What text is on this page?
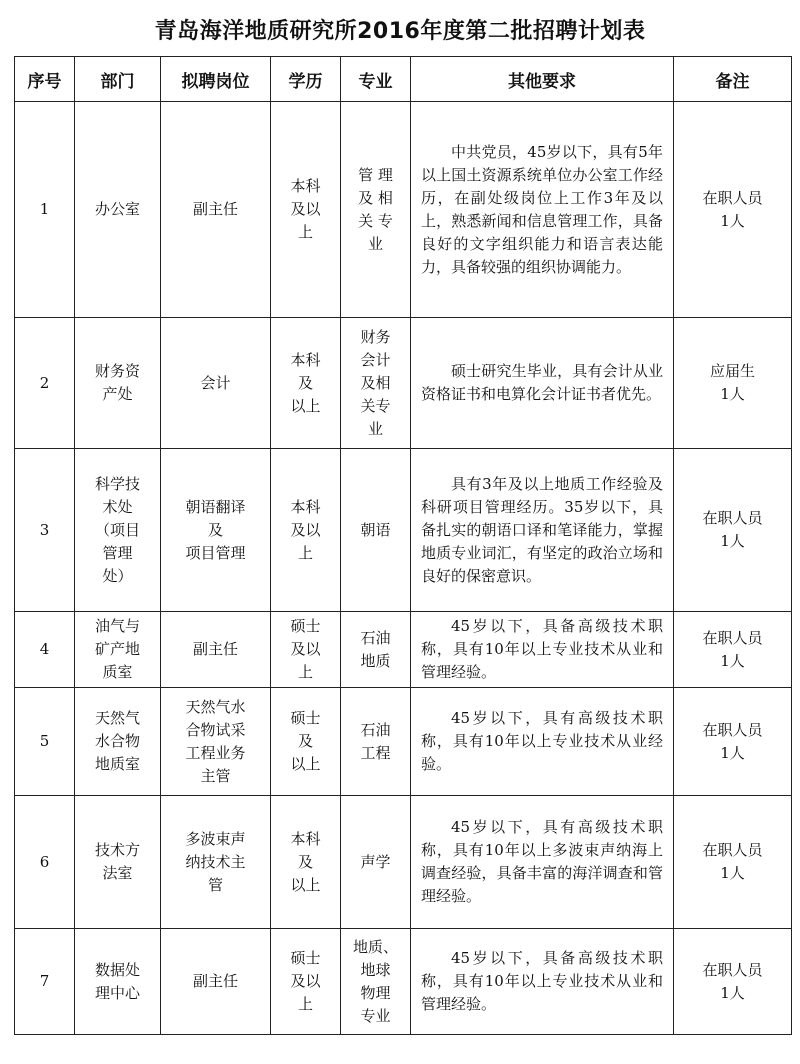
青岛海洋地质研究所2016年度第二批招聘计划表
序号	部门	拟聘岗位	学历	专业	其他要求	备注
1	办公室	副主任	本科
及以
上	管 理
及 相
关 专
业	中共党员，45岁以下，具有5年以上国土资源系统单位办公室工作经历，在副处级岗位上工作3年及以上，熟悉新闻和信息管理工作，具备良好的文字组织能力和语言表达能力，具备较强的组织协调能力。	在职人员
1人
2	财务资
产处	会计	本科
及
以上	财务
会计
及相
关专
业	硕士研究生毕业，具有会计从业资格证书和电算化会计证书者优先。	应届生
1人
3	科学技
术处
（项目
管理
处）	朝语翻译
及
项目管理	本科
及以
上	朝语	具有3年及以上地质工作经验及科研项目管理经历。35岁以下，具备扎实的朝语口译和笔译能力，掌握地质专业词汇，有坚定的政治立场和良好的保密意识。	在职人员
1人
4	油气与
矿产地
质室	副主任	硕士
及以
上	石油
地质	45岁以下，具备高级技术职称，具有10年以上专业技术从业和管理经验。	在职人员
1人
5	天然气
水合物
地质室	天然气水
合物试采
工程业务
主管	硕士
及
以上	石油
工程	45岁以下，具有高级技术职称，具有10年以上专业技术从业经验。	在职人员
1人
6	技术方
法室	多波束声
纳技术主
管	本科
及
以上	声学	45岁以下，具有高级技术职称，具有10年以上多波束声纳海上调查经验，具备丰富的海洋调查和管理经验。	在职人员
1人
7	数据处
理中心	副主任	硕士
及以
上	地质、
地球
物理
专业	45岁以下，具备高级技术职称，具有10年以上专业技术从业和管理经验。	在职人员
1人
